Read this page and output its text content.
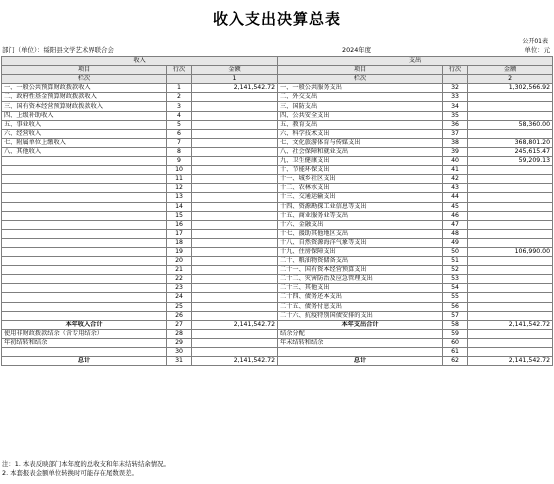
收入支出决算总表
公开01表
部门（单位）：绥阳县文学艺术界联合会	2024年度	单位：元
收入			支出		
项目	行次	金额	项目	行次	金额
栏次		1	栏次		2
一、一般公共预算财政拨款收入	1	2,141,542.72	一、一般公共服务支出	32	1,302,566.92
二、政府性基金预算财政拨款收入	2		二、外交支出	33	
三、国有资本经营预算财政拨款收入	3		三、国防支出	34	
四、上级补助收入	4		四、公共安全支出	35	
五、事业收入	5		五、教育支出	36	58,360.00
六、经营收入	6		六、科学技术支出	37	
七、附属单位上缴收入	7		七、文化旅游体育与传媒支出	38	368,801.20
八、其他收入	8		八、社会保障和就业支出	39	245,615.47
	9		九、卫生健康支出	40	59,209.13
	10		十、节能环保支出	41	
	11		十一、城乡社区支出	42	
	12		十二、农林水支出	43	
	13		十三、交通运输支出	44	
	14		十四、资源勘探工业信息等支出	45	
	15		十五、商业服务业等支出	46	
	16		十六、金融支出	47	
	17		十七、援助其他地区支出	48	
	18		十八、自然资源海洋气象等支出	49	
	19		十九、住房保障支出	50	106,990.00
	20		二十、粮油物资储备支出	51	
	21		二十一、国有资本经营预算支出	52	
	22		二十二、灾害防治及应急管理支出	53	
	23		二十三、其他支出	54	
	24		二十四、债务还本支出	55	
	25		二十五、债务付息支出	56	
	26		二十六、抗疫特别国债安排的支出	57	
本年收入合计	27	2,141,542.72	本年支出合计	58	2,141,542.72
使用非财政拨款结余（含专用结余）	28		结余分配	59	
年初结转和结余	29		年末结转和结余	60	
	30			61	
总计	31	2,141,542.72	总计	62	2,141,542.72
注：1. 本表反映部门本年度的总收支和年末结转结余情况。
2. 本套报表金额单位转换时可能存在尾数误差。
